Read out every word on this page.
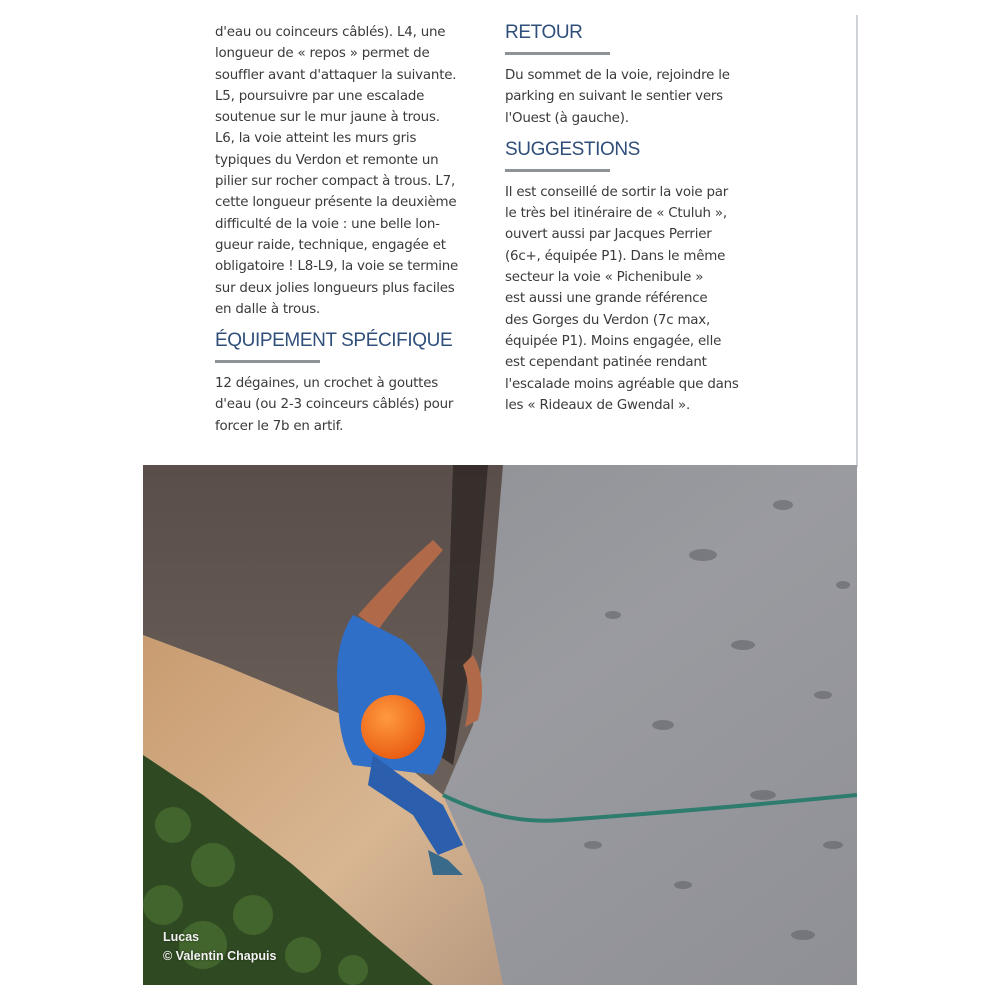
d'eau ou coinceurs câblés). L4, une
longueur de « repos » permet de
souffler avant d'attaquer la suivante.
L5, poursuivre par une escalade
soutenue sur le mur jaune à trous.
L6, la voie atteint les murs gris
typiques du Verdon et remonte un
pilier sur rocher compact à trous. L7,
cette longueur présente la deuxième
difficulté de la voie : une belle lon-
gueur raide, technique, engagée et
obligatoire ! L8-L9, la voie se termine
sur deux jolies longueurs plus faciles
en dalle à trous.

ÉQUIPEMENT SPÉCIFIQUE

12 dégaines, un crochet à gouttes
d'eau (ou 2-3 coinceurs câblés) pour
forcer le 7b en artif.

RETOUR

Du sommet de la voie, rejoindre le
parking en suivant le sentier vers
l'Ouest (à gauche).

SUGGESTIONS

Il est conseillé de sortir la voie par
le très bel itinéraire de « Ctuluh »,
ouvert aussi par Jacques Perrier
(6c+, équipée P1). Dans le même
secteur la voie « Pichenibule »
est aussi une grande référence
des Gorges du Verdon (7c max,
équipée P1). Moins engagée, elle
est cependant patinée rendant
l'escalade moins agréable que dans
les « Rideaux de Gwendal ».

Lucas
© Valentin Chapuis
